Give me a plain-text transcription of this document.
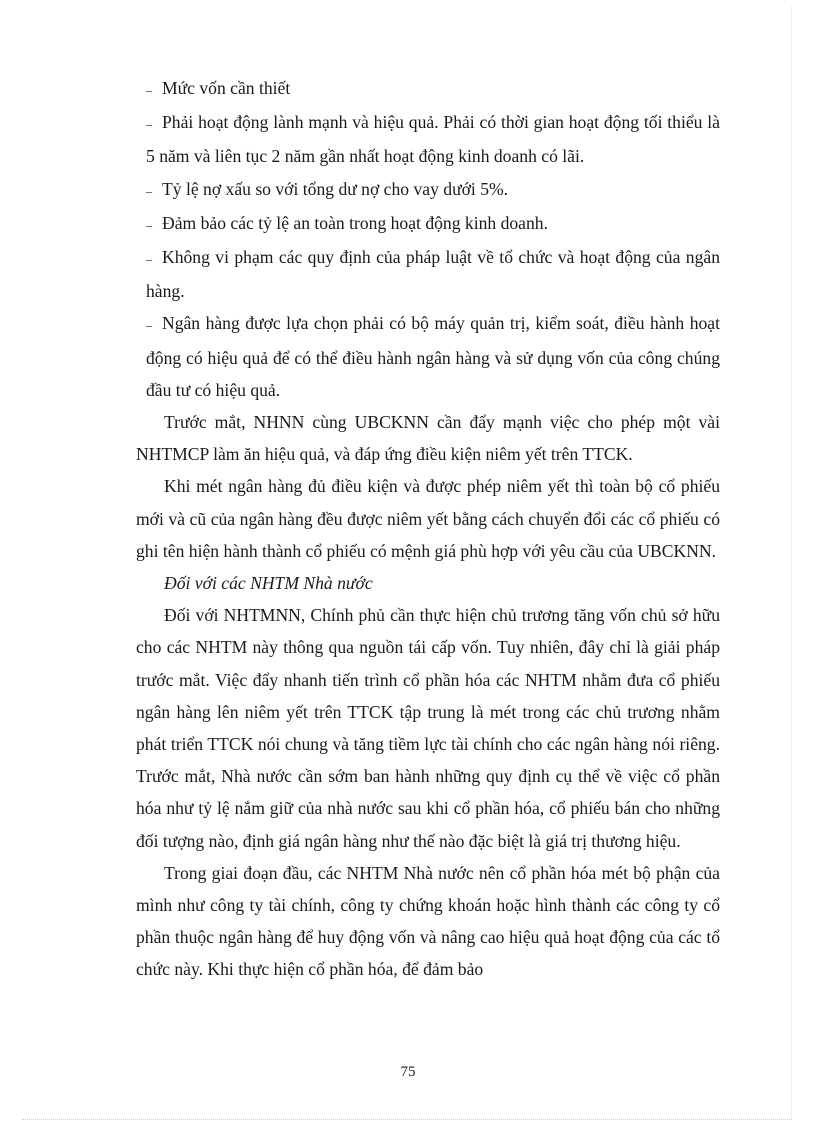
– Mức vốn cần thiết
– Phải hoạt động lành mạnh và hiệu quả. Phải có thời gian hoạt động tối thiểu là 5 năm và liên tục 2 năm gần nhất hoạt động kinh doanh có lãi.
– Tỷ lệ nợ xấu so với tổng dư nợ cho vay dưới 5%.
– Đảm bảo các tỷ lệ an toàn trong hoạt động kinh doanh.
– Không vi phạm các quy định của pháp luật về tổ chức và hoạt động của ngân hàng.
– Ngân hàng được lựa chọn phải có bộ máy quản trị, kiểm soát, điều hành hoạt động có hiệu quả để có thể điều hành ngân hàng và sử dụng vốn của công chúng đầu tư có hiệu quả.

Trước mắt, NHNN cùng UBCKNN cần đẩy mạnh việc cho phép một vài NHTMCP làm ăn hiệu quả, và đáp ứng điều kiện niêm yết trên TTCK.

Khi mét ngân hàng đủ điều kiện và được phép niêm yết thì toàn bộ cổ phiếu mới và cũ của ngân hàng đều được niêm yết bằng cách chuyển đổi các cổ phiếu có ghi tên hiện hành thành cổ phiếu có mệnh giá phù hợp với yêu cầu của UBCKNN.

Đối với các NHTM Nhà nước

Đối với NHTMNN, Chính phủ cần thực hiện chủ trương tăng vốn chủ sở hữu cho các NHTM này thông qua nguồn tái cấp vốn. Tuy nhiên, đây chỉ là giải pháp trước mắt. Việc đẩy nhanh tiến trình cổ phần hóa các NHTM nhằm đưa cổ phiếu ngân hàng lên niêm yết trên TTCK tập trung là mét trong các chủ trương nhằm phát triển TTCK nói chung và tăng tiềm lực tài chính cho các ngân hàng nói riêng. Trước mắt, Nhà nước cần sớm ban hành những quy định cụ thể về việc cổ phần hóa như tỷ lệ nắm giữ của nhà nước sau khi cổ phần hóa, cổ phiếu bán cho những đối tượng nào, định giá ngân hàng như thế nào đặc biệt là giá trị thương hiệu.

Trong giai đoạn đầu, các NHTM Nhà nước nên cổ phần hóa mét bộ phận của mình như công ty tài chính, công ty chứng khoán hoặc hình thành các công ty cổ phần thuộc ngân hàng để huy động vốn và nâng cao hiệu quả hoạt động của các tổ chức này. Khi thực hiện cổ phần hóa, để đảm bảo

75
